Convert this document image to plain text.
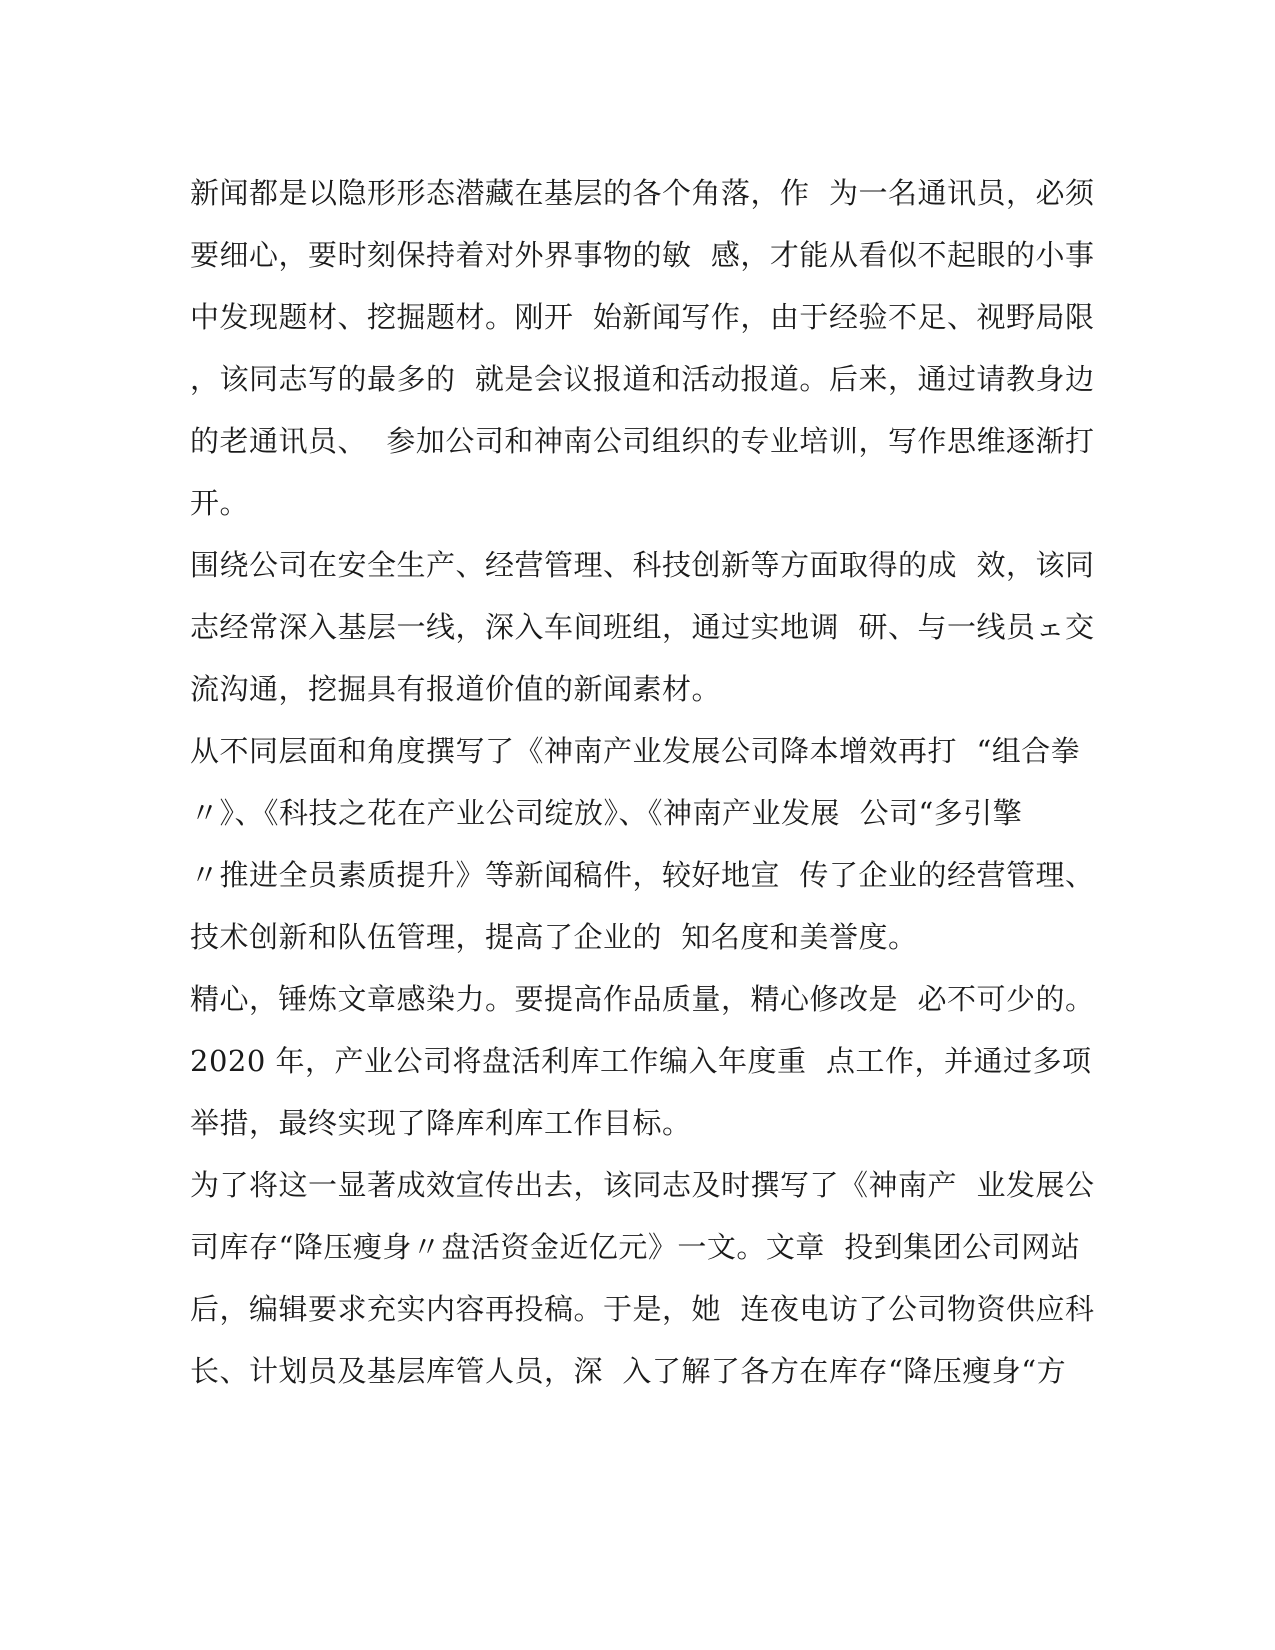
新闻都是以隐形形态潜藏在基层的各个角落，作  为一名通讯员，必须
要细心，要时刻保持着对外界事物的敏  感，才能从看似不起眼的小事
中发现题材、挖掘题材。刚开  始新闻写作，由于经验不足、视野局限
，该同志写的最多的  就是会议报道和活动报道。后来，通过请教身边
的老通讯员、  参加公司和神南公司组织的专业培训，写作思维逐渐打
开。
围绕公司在安全生产、经营管理、科技创新等方面取得的成  效，该同
志经常深入基层一线，深入车间班组，通过实地调  研、与一线员ェ交
流沟通，挖掘具有报道价值的新闻素材。
从不同层面和角度撰写了《神南产业发展公司降本增效再打  “组合拳
〃》、《科技之花在产业公司绽放》、《神南产业发展  公司“多引擎
〃推进全员素质提升》等新闻稿件，较好地宣  传了企业的经营管理、
技术创新和队伍管理，提高了企业的  知名度和美誉度。
精心，锤炼文章感染力。要提高作品质量，精心修改是  必不可少的。
2020 年，产业公司将盘活利库工作编入年度重  点工作，并通过多项
举措，最终实现了降库利库工作目标。
为了将这一显著成效宣传出去，该同志及时撰写了《神南产  业发展公
司库存“降压瘦身〃盘活资金近亿元》一文。文章  投到集团公司网站
后，编辑要求充实内容再投稿。于是，她  连夜电访了公司物资供应科
长、计划员及基层库管人员，深  入了解了各方在库存“降压瘦身“方
